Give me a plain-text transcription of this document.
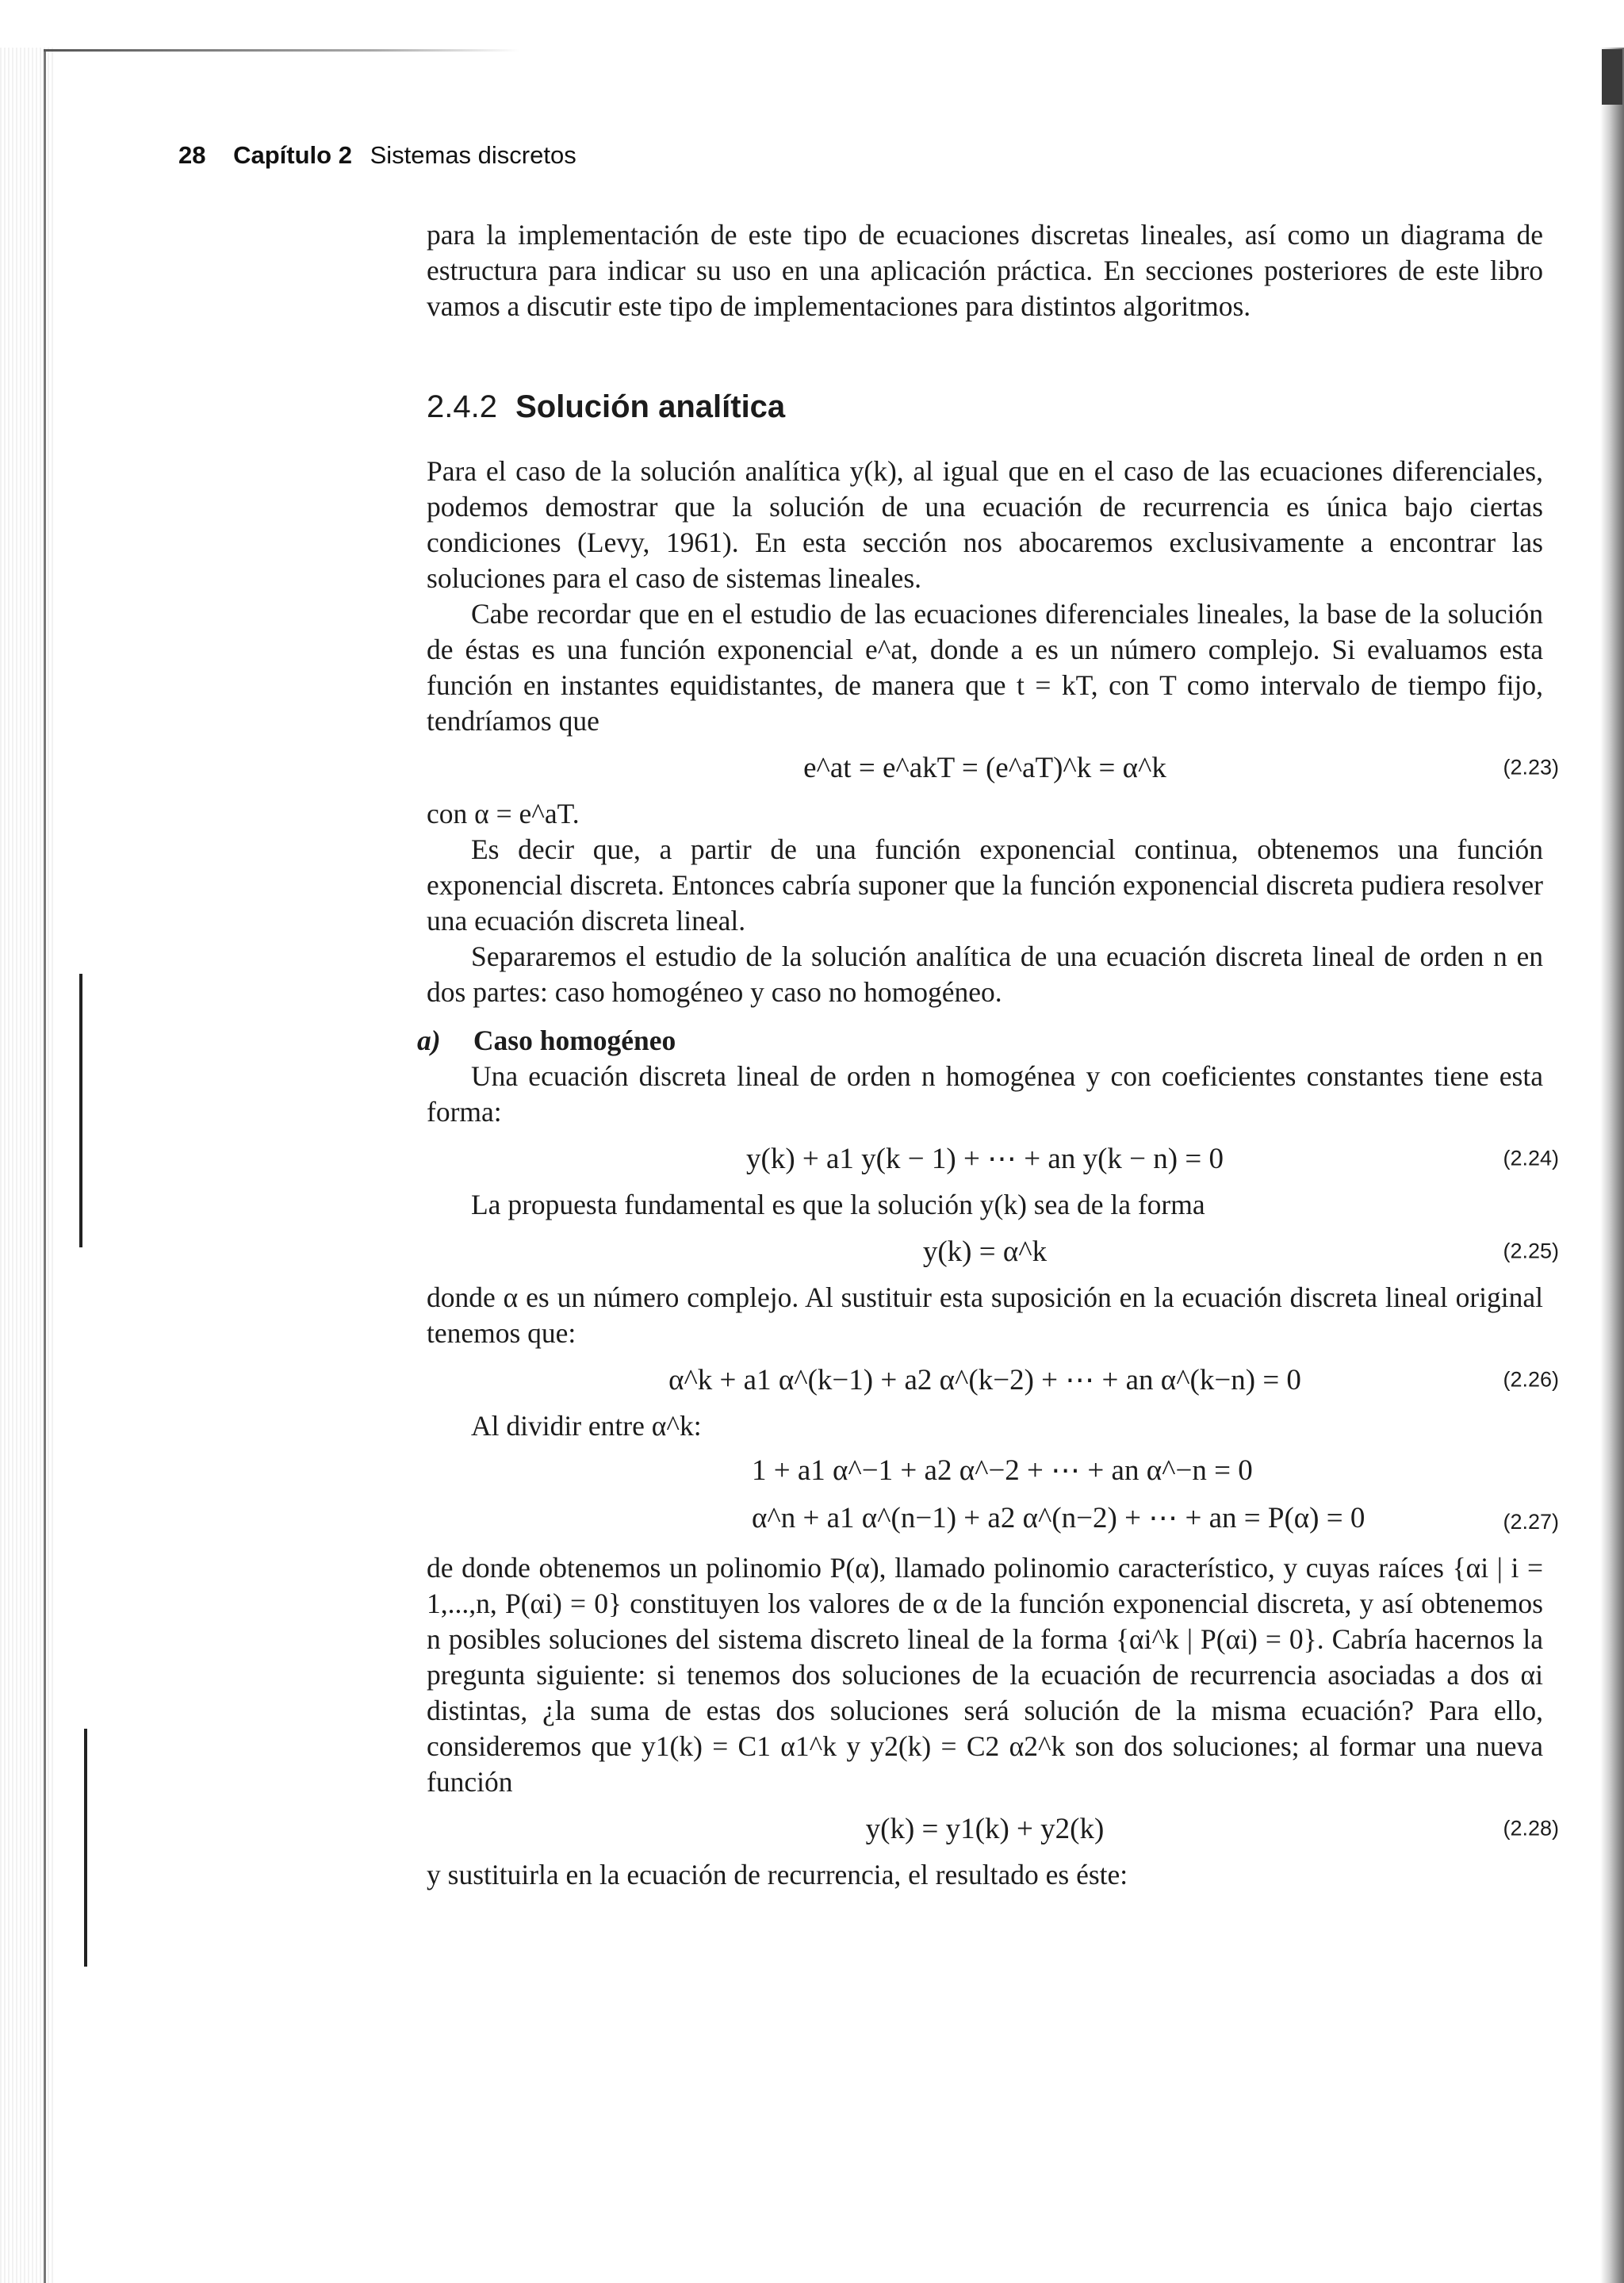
28 Capítulo 2 Sistemas discretos

para la implementación de este tipo de ecuaciones discretas lineales, así como un diagrama de estructura para indicar su uso en una aplicación práctica. En secciones posteriores de este libro vamos a discutir este tipo de implementaciones para distintos algoritmos.

2.4.2 Solución analítica

Para el caso de la solución analítica y(k), al igual que en el caso de las ecuaciones diferenciales, podemos demostrar que la solución de una ecuación de recurrencia es única bajo ciertas condiciones (Levy, 1961). En esta sección nos abocaremos exclusivamente a encontrar las soluciones para el caso de sistemas lineales.

Cabe recordar que en el estudio de las ecuaciones diferenciales lineales, la base de la solución de éstas es una función exponencial e^at, donde a es un número complejo. Si evaluamos esta función en instantes equidistantes, de manera que t = kT, con T como intervalo de tiempo fijo, tendríamos que

e^at = e^akT = (e^aT)^k = α^k	(2.23)

con α = e^aT.

Es decir que, a partir de una función exponencial continua, obtenemos una función exponencial discreta. Entonces cabría suponer que la función exponencial discreta pudiera resolver una ecuación discreta lineal.

Separaremos el estudio de la solución analítica de una ecuación discreta lineal de orden n en dos partes: caso homogéneo y caso no homogéneo.

a) Caso homogéneo

Una ecuación discreta lineal de orden n homogénea y con coeficientes constantes tiene esta forma:

y(k) + a1 y(k − 1) + ⋯ + an y(k − n) = 0	(2.24)

La propuesta fundamental es que la solución y(k) sea de la forma

y(k) = α^k	(2.25)

donde α es un número complejo. Al sustituir esta suposición en la ecuación discreta lineal original tenemos que:

α^k + a1 α^(k−1) + a2 α^(k−2) + ⋯ + an α^(k−n) = 0	(2.26)

Al dividir entre α^k:

1 + a1 α^−1 + a2 α^−2 + ⋯ + an α^−n = 0
α^n + a1 α^(n−1) + a2 α^(n−2) + ⋯ + an = P(α) = 0	(2.27)

de donde obtenemos un polinomio P(α), llamado polinomio característico, y cuyas raíces {αi | i = 1,...,n, P(αi) = 0} constituyen los valores de α de la función exponencial discreta, y así obtenemos n posibles soluciones del sistema discreto lineal de la forma {αi^k | P(αi) = 0}. Cabría hacernos la pregunta siguiente: si tenemos dos soluciones de la ecuación de recurrencia asociadas a dos αi distintas, ¿la suma de estas dos soluciones será solución de la misma ecuación? Para ello, consideremos que y1(k) = C1 α1^k y y2(k) = C2 α2^k son dos soluciones; al formar una nueva función

y(k) = y1(k) + y2(k)	(2.28)

y sustituirla en la ecuación de recurrencia, el resultado es éste:
